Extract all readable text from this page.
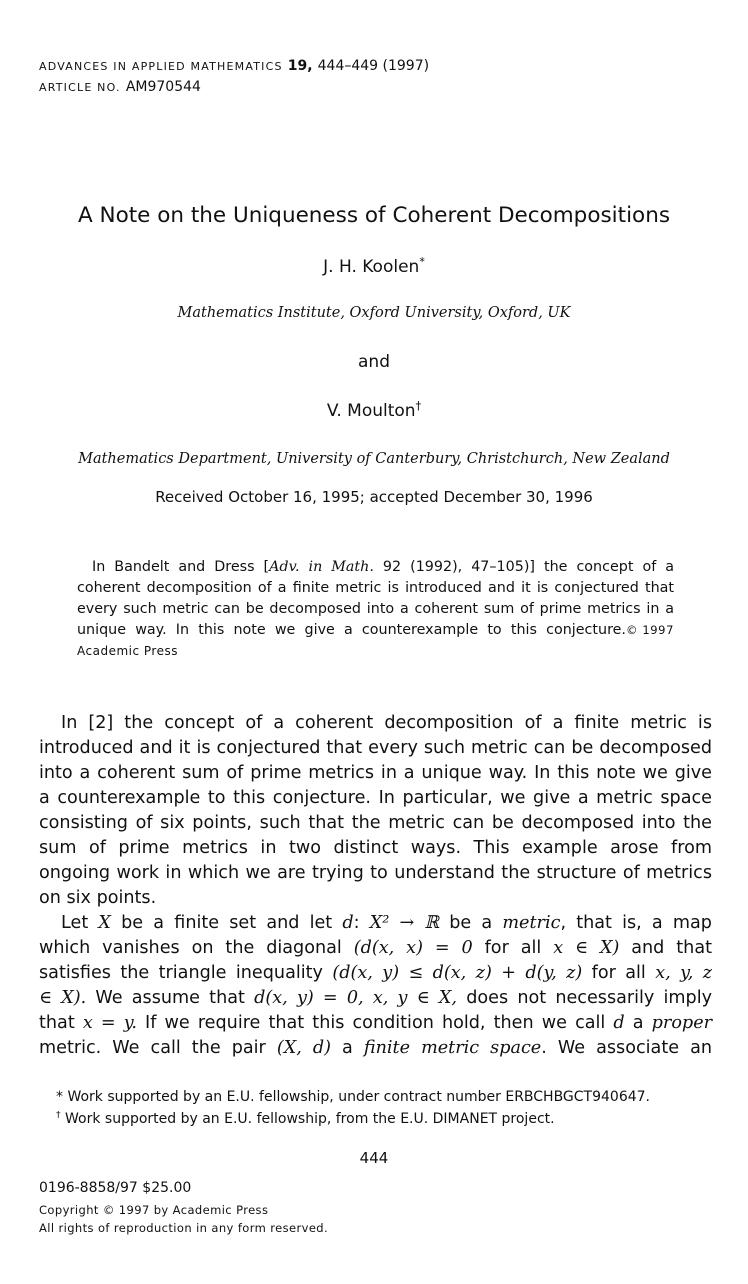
ADVANCES IN APPLIED MATHEMATICS 19, 444–449 (1997)
ARTICLE NO. AM970544
A Note on the Uniqueness of Coherent Decompositions
J. H. Koolen*
Mathematics Institute, Oxford University, Oxford, UK
and
V. Moulton†
Mathematics Department, University of Canterbury, Christchurch, New Zealand
Received October 16, 1995; accepted December 30, 1996
In Bandelt and Dress [Adv. in Math. 92 (1992), 47–105)] the concept of a
coherent decomposition of a finite metric is introduced and it is conjectured that
every such metric can be decomposed into a coherent sum of prime metrics in a
unique way. In this note we give a counterexample to this conjecture. © 1997
Academic Press
In [2] the concept of a coherent decomposition of a finite metric is
introduced and it is conjectured that every such metric can be decomposed
into a coherent sum of prime metrics in a unique way. In this note we give
a counterexample to this conjecture. In particular, we give a metric space
consisting of six points, such that the metric can be decomposed into the
sum of prime metrics in two distinct ways. This example arose from
ongoing work in which we are trying to understand the structure of metrics
on six points.
Let X be a finite set and let d: X² → ℝ be a metric, that is, a map
which vanishes on the diagonal (d(x, x) = 0 for all x ∈ X) and that
satisfies the triangle inequality (d(x, y) ≤ d(x, z) + d(y, z) for all x, y, z
∈ X). We assume that d(x, y) = 0, x, y ∈ X, does not necessarily imply
that x = y. If we require that this condition hold, then we call d a proper
metric. We call the pair (X, d) a finite metric space. We associate an
* Work supported by an E.U. fellowship, under contract number ERBCHBGCT940647.
† Work supported by an E.U. fellowship, from the E.U. DIMANET project.
444
0196-8858/97 $25.00
Copyright © 1997 by Academic Press
All rights of reproduction in any form reserved.
